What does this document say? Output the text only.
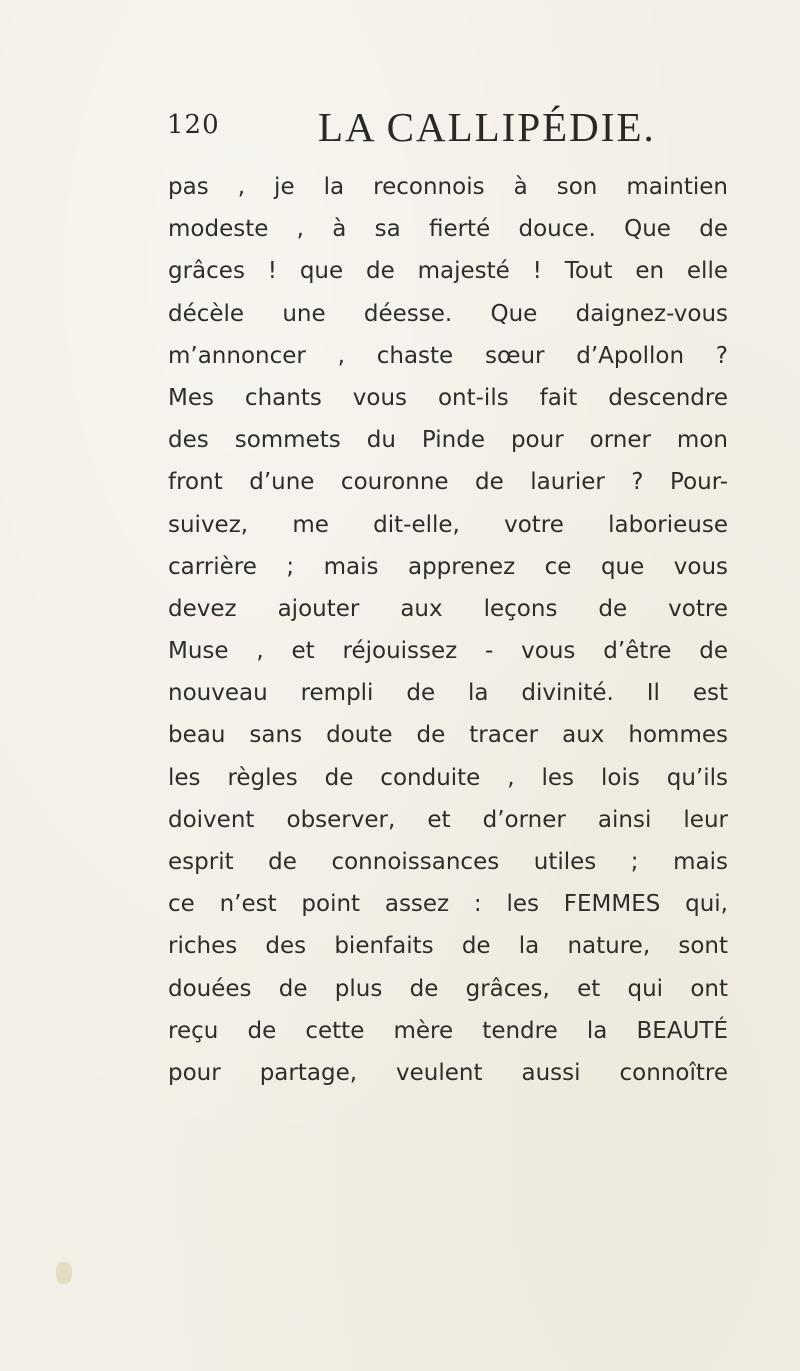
120 LA CALLIPÉDIE.
pas , je la reconnois à son maintien
modeste , à sa fierté douce. Que de
grâces ! que de majesté ! Tout en elle
décèle une déesse. Que daignez-vous
m’annoncer , chaste sœur d’Apollon ?
Mes chants vous ont-ils fait descendre
des sommets du Pinde pour orner mon
front d’une couronne de laurier ? Pour-
suivez, me dit-elle, votre laborieuse
carrière ; mais apprenez ce que vous
devez ajouter aux leçons de votre
Muse , et réjouissez - vous d’être de
nouveau rempli de la divinité. Il est
beau sans doute de tracer aux hommes
les règles de conduite , les lois qu’ils
doivent observer, et d’orner ainsi leur
esprit de connoissances utiles ; mais
ce n’est point assez : les FEMMES qui,
riches des bienfaits de la nature, sont
douées de plus de grâces, et qui ont
reçu de cette mère tendre la BEAUTÉ
pour partage, veulent aussi connoître
